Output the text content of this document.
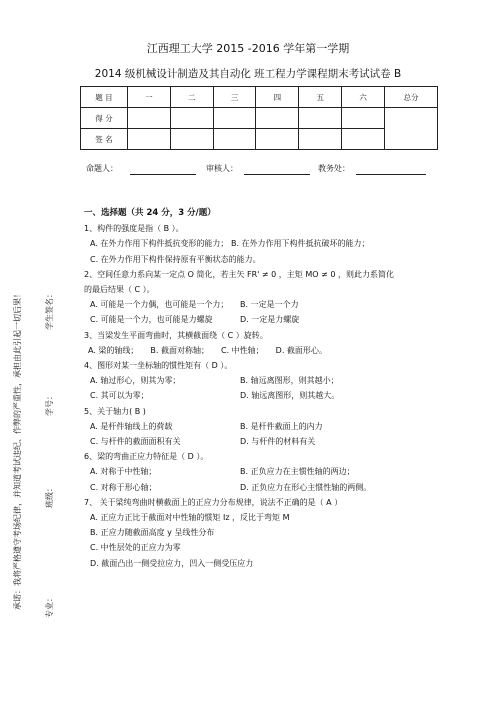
江西理工大学 2015 -2016 学年第一学期
2014 级机械设计制造及其自动化 班工程力学课程期末考试试卷 B
题 目	一	二	三	四	五	六	总分
得 分							
签 名							
命题人：	审核人：	教务处：
承诺：我将严格遵守考场纪律，并知道考试违纪、作弊的严重性，承担由此引起一切后果！	学生签名：
学号：
班级：
专业：
一、选择题（共 24 分，3 分/题）
1、构件的强度是指（ B ）。
A. 在外力作用下构件抵抗变形的能力； B. 在外力作用下构件抵抗破坏的能力；
C. 在外力作用下构件保持原有平衡状态的能力。
2、空间任意力系向某一定点 O 简化，若主矢 FR' ≠ 0 ，主矩 MO ≠ 0 ，则此力系简化
的最后结果（ C ）。
A. 可能是一个力偶，也可能是一个力；	B. 一定是一个力
C. 可能是一个力，也可能是力螺旋	D. 一定是力螺旋
3、当梁发生平面弯曲时，其横截面绕（ C ）旋转。
A. 梁的轴线； B. 截面对称轴； C. 中性轴； D. 截面形心。
4、图形对某一坐标轴的惯性矩有（ D ）。
A. 轴过形心，则其为零；	B. 轴远离图形，则其越小；
C. 其可以为零；	D. 轴远离图形，则其越大。
5、关于轴力( B )
A. 是杆件轴线上的荷载	B. 是杆件截面上的内力
C. 与杆件的截面面积有关	D. 与杆件的材料有关
6、梁的弯曲正应力特征是（ D ）。
A. 对称于中性轴；	B. 正负应力在主惯性轴的两边；
C. 对称于形心轴；	D. 正负应力在形心主惯性轴的两侧。
7、 关于梁纯弯曲时横截面上的正应力分布规律，说法不正确的是（ A ）
A. 正应力正比于截面对中性轴的惯矩 Iz ，反比于弯矩 M
B. 正应力随截面高度 y 呈线性分布
C. 中性层处的正应力为零
D. 截面凸出一侧受拉应力，凹入一侧受压应力
